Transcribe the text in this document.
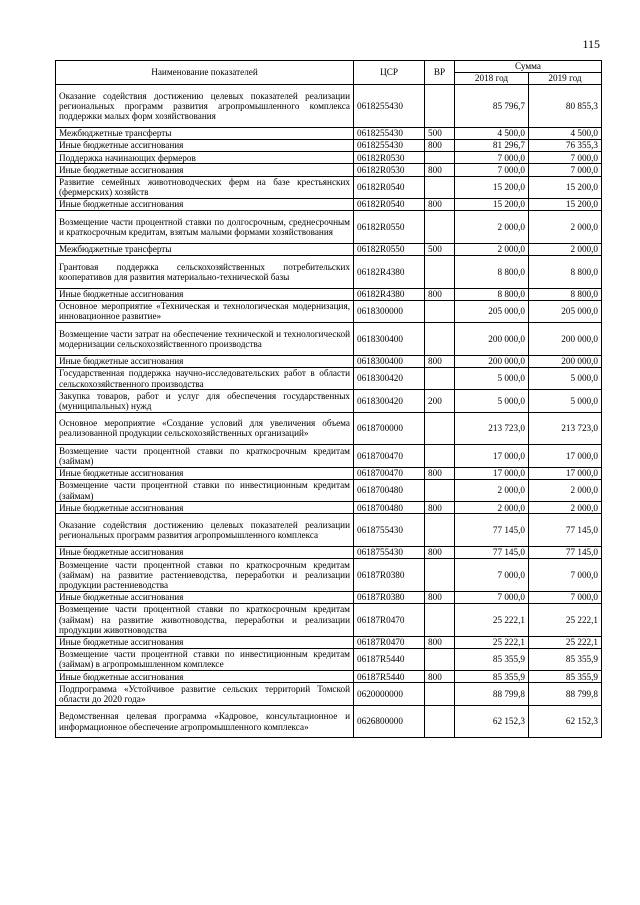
115
Наименование показателей	ЦСР	ВР	Сумма	
			2018 год	2019 год
Оказание содействия достижению целевых показателей реализации региональных программ развития агропромышленного комплекса поддержки малых форм хозяйствования	0618255430		85 796,7	80 855,3
Межбюджетные трансферты	0618255430	500	4 500,0	4 500,0
Иные бюджетные ассигнования	0618255430	800	81 296,7	76 355,3
Поддержка начинающих фермеров	06182R0530		7 000,0	7 000,0
Иные бюджетные ассигнования	06182R0530	800	7 000,0	7 000,0
Развитие семейных животноводческих ферм на базе крестьянских (фермерских) хозяйств	06182R0540		15 200,0	15 200,0
Иные бюджетные ассигнования	06182R0540	800	15 200,0	15 200,0
Возмещение части процентной ставки по долгосрочным, среднесрочным и краткосрочным кредитам, взятым малыми формами хозяйствования	06182R0550		2 000,0	2 000,0
Межбюджетные трансферты	06182R0550	500	2 000,0	2 000,0
Грантовая поддержка сельскохозяйственных потребительских кооперативов для развития материально-технической базы	06182R4380		8 800,0	8 800,0
Иные бюджетные ассигнования	06182R4380	800	8 800,0	8 800,0
Основное мероприятие «Техническая и технологическая модернизация, инновационное развитие»	0618300000		205 000,0	205 000,0
Возмещение части затрат на обеспечение технической и технологической модернизации сельскохозяйственного производства	0618300400		200 000,0	200 000,0
Иные бюджетные ассигнования	0618300400	800	200 000,0	200 000,0
Государственная поддержка научно-исследовательских работ в области сельскохозяйственного производства	0618300420		5 000,0	5 000,0
Закупка товаров, работ и услуг для обеспечения государственных (муниципальных) нужд	0618300420	200	5 000,0	5 000,0
Основное мероприятие «Создание условий для увеличения объема реализованной продукции сельскохозяйственных организаций»	0618700000		213 723,0	213 723,0
Возмещение части процентной ставки по краткосрочным кредитам (займам)	0618700470		17 000,0	17 000,0
Иные бюджетные ассигнования	0618700470	800	17 000,0	17 000,0
Возмещение части процентной ставки по инвестиционным кредитам (займам)	0618700480		2 000,0	2 000,0
Иные бюджетные ассигнования	0618700480	800	2 000,0	2 000,0
Оказание содействия достижению целевых показателей реализации региональных программ развития агропромышленного комплекса	0618755430		77 145,0	77 145,0
Иные бюджетные ассигнования	0618755430	800	77 145,0	77 145,0
Возмещение части процентной ставки по краткосрочным кредитам (займам) на развитие растениеводства, переработки и реализации продукции растениеводства	06187R0380		7 000,0	7 000,0
Иные бюджетные ассигнования	06187R0380	800	7 000,0	7 000,0
Возмещение части процентной ставки по краткосрочным кредитам (займам) на развитие животноводства, переработки и реализации продукции животноводства	06187R0470		25 222,1	25 222,1
Иные бюджетные ассигнования	06187R0470	800	25 222,1	25 222,1
Возмещение части процентной ставки по инвестиционным кредитам (займам) в агропромышленном комплексе	06187R5440		85 355,9	85 355,9
Иные бюджетные ассигнования	06187R5440	800	85 355,9	85 355,9
Подпрограмма «Устойчивое развитие сельских территорий Томской области до 2020 года»	0620000000		88 799,8	88 799,8
Ведомственная целевая программа «Кадровое, консультационное и информационное обеспечение агропромышленного комплекса»	0626800000		62 152,3	62 152,3
